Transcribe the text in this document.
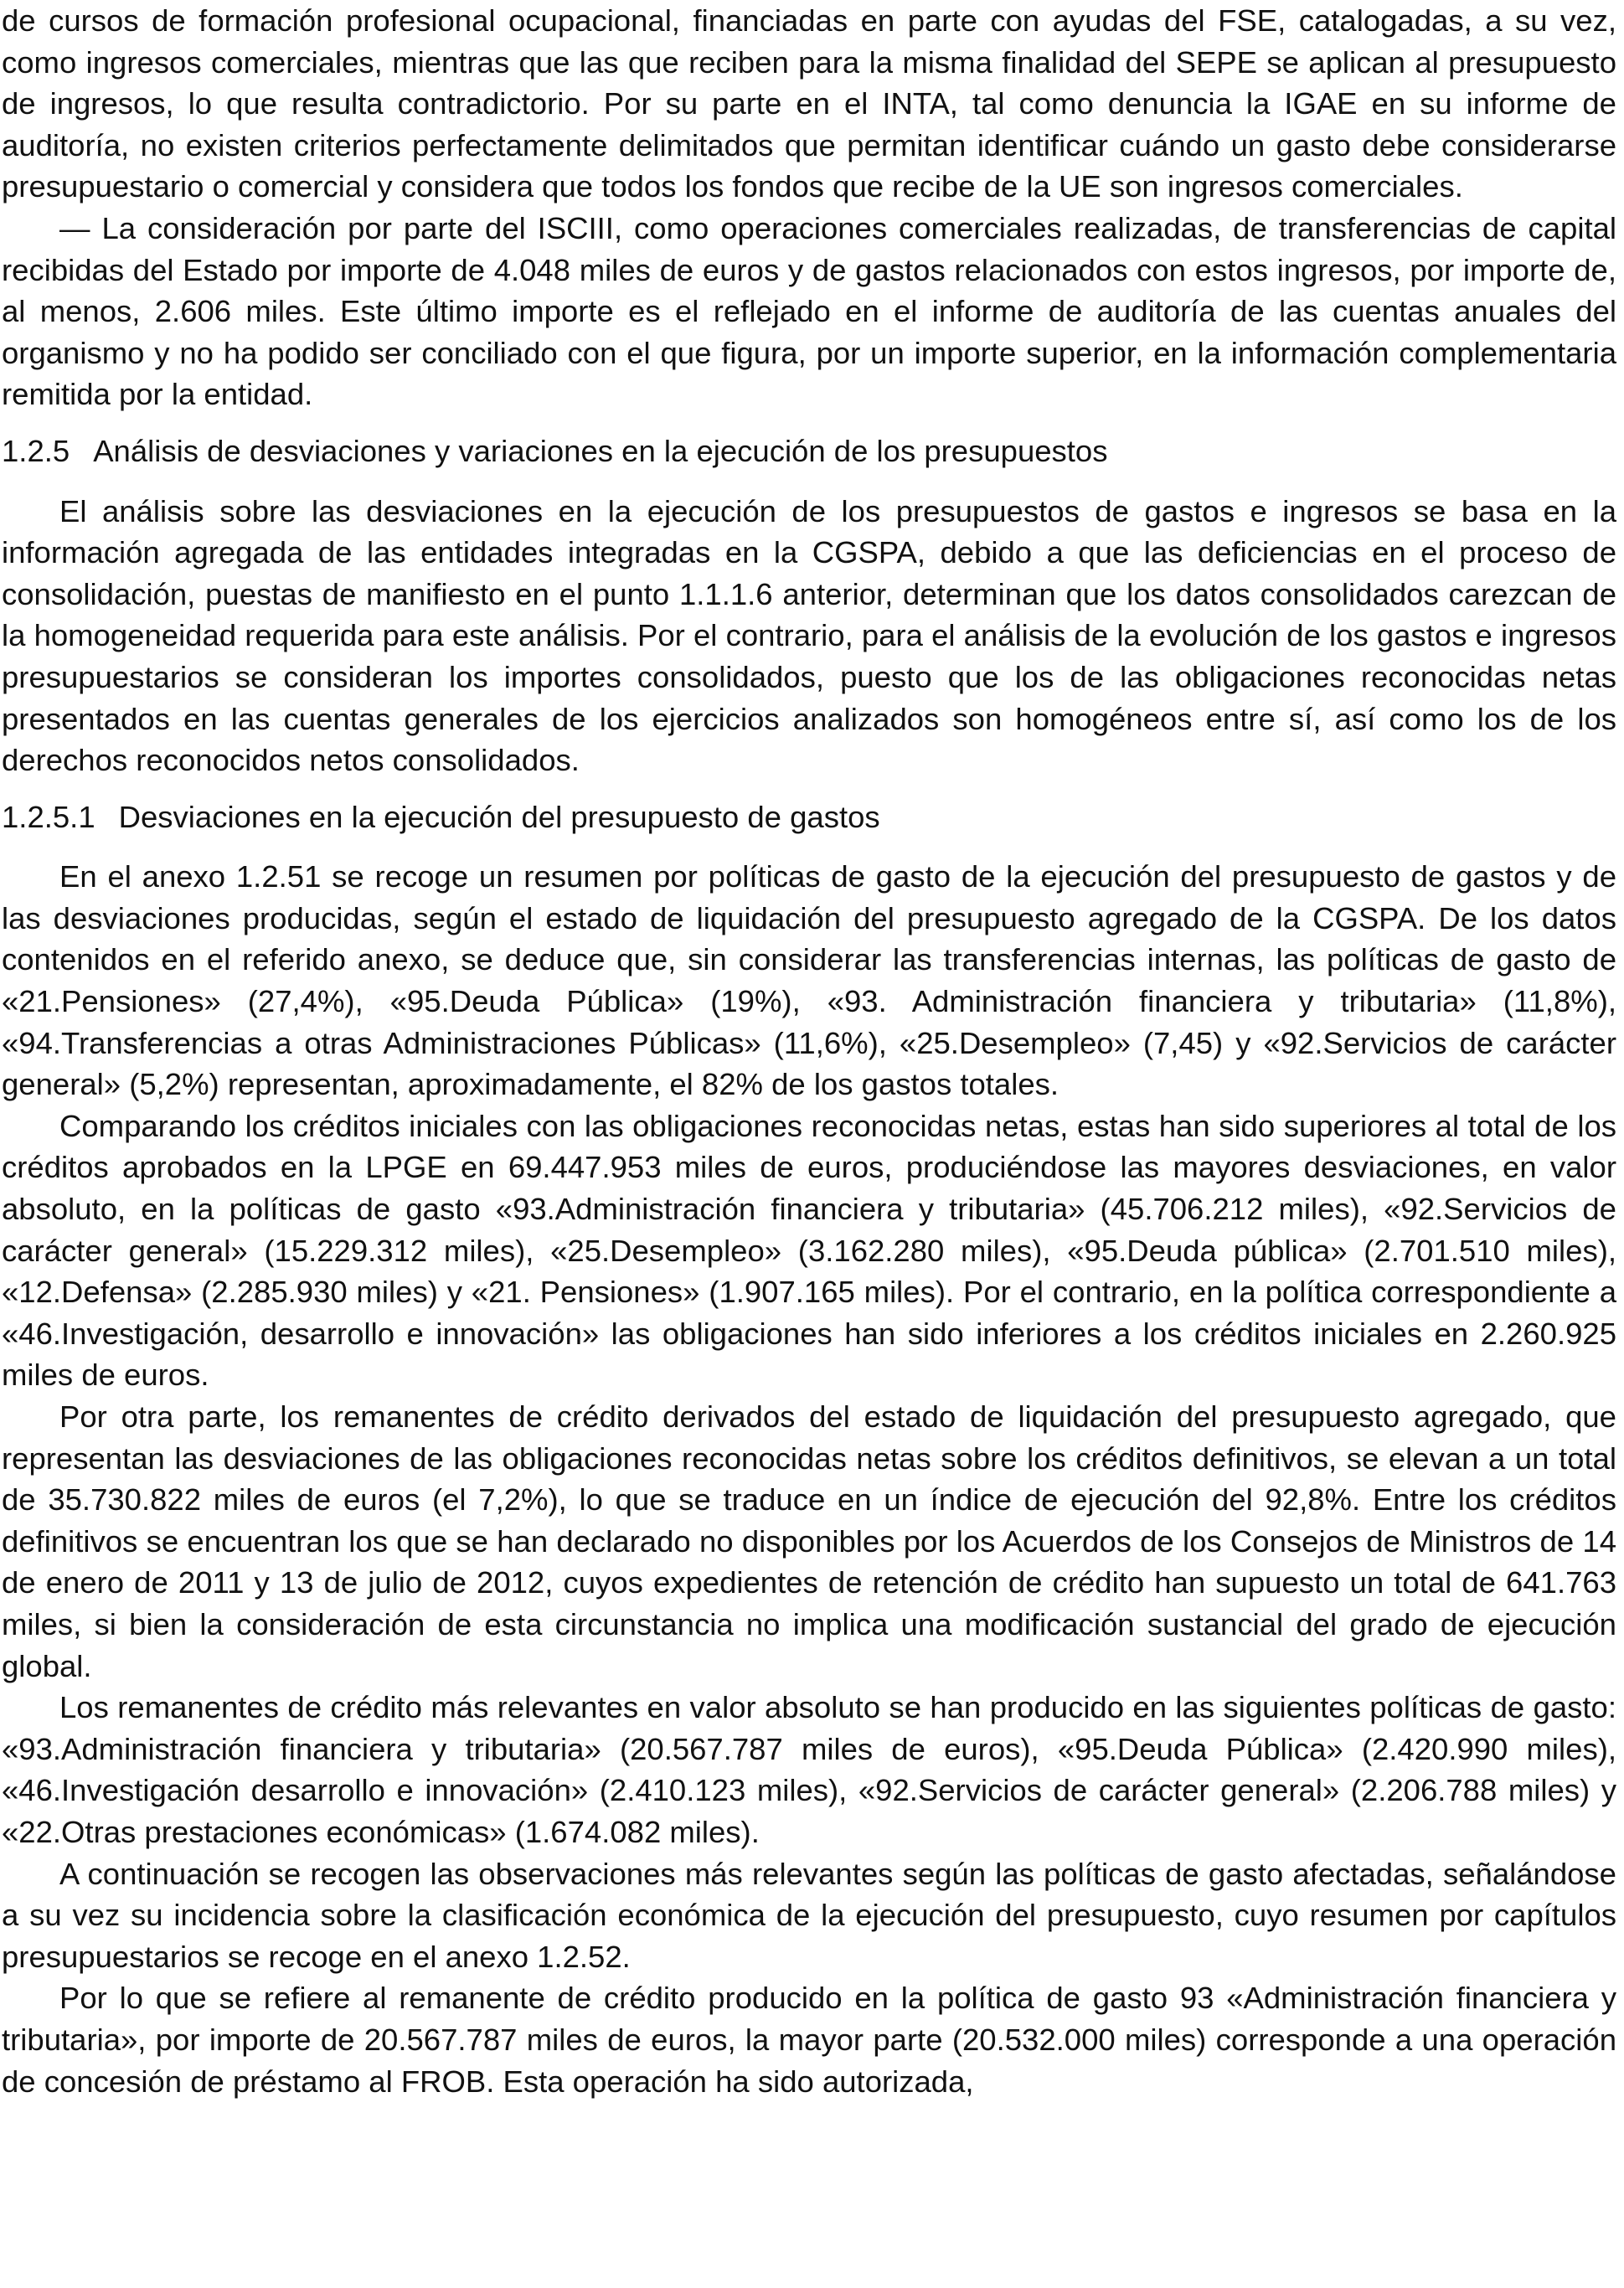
de cursos de formación profesional ocupacional, financiadas en parte con ayudas del FSE, catalogadas, a su vez, como ingresos comerciales, mientras que las que reciben para la misma finalidad del SEPE se aplican al presupuesto de ingresos, lo que resulta contradictorio. Por su parte en el INTA, tal como denuncia la IGAE en su informe de auditoría, no existen criterios perfectamente delimitados que permitan identificar cuándo un gasto debe considerarse presupuestario o comercial y considera que todos los fondos que recibe de la UE son ingresos comerciales.

— La consideración por parte del ISCIII, como operaciones comerciales realizadas, de transferencias de capital recibidas del Estado por importe de 4.048 miles de euros y de gastos relacionados con estos ingresos, por importe de, al menos, 2.606 miles. Este último importe es el reflejado en el informe de auditoría de las cuentas anuales del organismo y no ha podido ser conciliado con el que figura, por un importe superior, en la información complementaria remitida por la entidad.

1.2.5 Análisis de desviaciones y variaciones en la ejecución de los presupuestos

El análisis sobre las desviaciones en la ejecución de los presupuestos de gastos e ingresos se basa en la información agregada de las entidades integradas en la CGSPA, debido a que las deficiencias en el proceso de consolidación, puestas de manifiesto en el punto 1.1.1.6 anterior, determinan que los datos consolidados carezcan de la homogeneidad requerida para este análisis. Por el contrario, para el análisis de la evolución de los gastos e ingresos presupuestarios se consideran los importes consolidados, puesto que los de las obligaciones reconocidas netas presentados en las cuentas generales de los ejercicios analizados son homogéneos entre sí, así como los de los derechos reconocidos netos consolidados.

1.2.5.1 Desviaciones en la ejecución del presupuesto de gastos

En el anexo 1.2.51 se recoge un resumen por políticas de gasto de la ejecución del presupuesto de gastos y de las desviaciones producidas, según el estado de liquidación del presupuesto agregado de la CGSPA. De los datos contenidos en el referido anexo, se deduce que, sin considerar las transferencias internas, las políticas de gasto de «21.Pensiones» (27,4%), «95.Deuda Pública» (19%), «93. Administración financiera y tributaria» (11,8%), «94.Transferencias a otras Administraciones Públicas» (11,6%), «25.Desempleo» (7,45) y «92.Servicios de carácter general» (5,2%) representan, aproximadamente, el 82% de los gastos totales.

Comparando los créditos iniciales con las obligaciones reconocidas netas, estas han sido superiores al total de los créditos aprobados en la LPGE en 69.447.953 miles de euros, produciéndose las mayores desviaciones, en valor absoluto, en la políticas de gasto «93.Administración financiera y tributaria» (45.706.212 miles), «92.Servicios de carácter general» (15.229.312 miles), «25.Desempleo» (3.162.280 miles), «95.Deuda pública» (2.701.510 miles), «12.Defensa» (2.285.930 miles) y «21. Pensiones» (1.907.165 miles). Por el contrario, en la política correspondiente a «46.Investigación, desarrollo e innovación» las obligaciones han sido inferiores a los créditos iniciales en 2.260.925 miles de euros.

Por otra parte, los remanentes de crédito derivados del estado de liquidación del presupuesto agregado, que representan las desviaciones de las obligaciones reconocidas netas sobre los créditos definitivos, se elevan a un total de 35.730.822 miles de euros (el 7,2%), lo que se traduce en un índice de ejecución del 92,8%. Entre los créditos definitivos se encuentran los que se han declarado no disponibles por los Acuerdos de los Consejos de Ministros de 14 de enero de 2011 y 13 de julio de 2012, cuyos expedientes de retención de crédito han supuesto un total de 641.763 miles, si bien la consideración de esta circunstancia no implica una modificación sustancial del grado de ejecución global.

Los remanentes de crédito más relevantes en valor absoluto se han producido en las siguientes políticas de gasto: «93.Administración financiera y tributaria» (20.567.787 miles de euros), «95.Deuda Pública» (2.420.990 miles), «46.Investigación desarrollo e innovación» (2.410.123 miles), «92.Servicios de carácter general» (2.206.788 miles) y «22.Otras prestaciones económicas» (1.674.082 miles).

A continuación se recogen las observaciones más relevantes según las políticas de gasto afectadas, señalándose a su vez su incidencia sobre la clasificación económica de la ejecución del presupuesto, cuyo resumen por capítulos presupuestarios se recoge en el anexo 1.2.52.

Por lo que se refiere al remanente de crédito producido en la política de gasto 93 «Administración financiera y tributaria», por importe de 20.567.787 miles de euros, la mayor parte (20.532.000 miles) corresponde a una operación de concesión de préstamo al FROB. Esta operación ha sido autorizada,
